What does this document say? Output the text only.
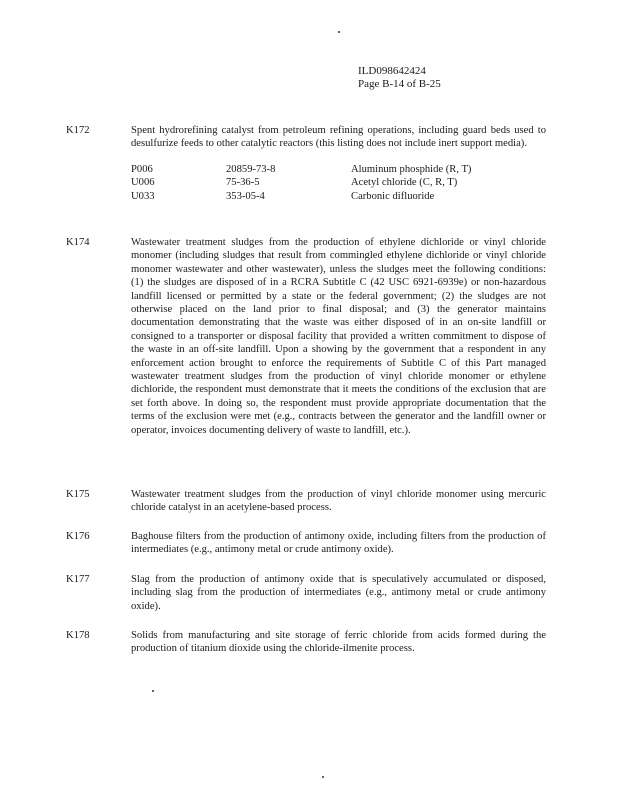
ILD098642424
Page B-14 of B-25
K172	Spent hydrorefining catalyst from petroleum refining operations, including guard beds used to desulfurize feeds to other catalytic reactors (this listing does not include inert support media).
P006	20859-73-8	Aluminum phosphide (R, T)
U006	75-36-5	Acetyl chloride (C, R, T)
U033	353-05-4	Carbonic difluoride
K174	Wastewater treatment sludges from the production of ethylene dichloride or vinyl chloride monomer (including sludges that result from commingled ethylene dichloride or vinyl chloride monomer wastewater and other wastewater), unless the sludges meet the following conditions: (1) the sludges are disposed of in a RCRA Subtitle C (42 USC 6921-6939e) or non-hazardous landfill licensed or permitted by a state or the federal government; (2) the sludges are not otherwise placed on the land prior to final disposal; and (3) the generator maintains documentation demonstrating that the waste was either disposed of in an on-site landfill or consigned to a transporter or disposal facility that provided a written commitment to dispose of the waste in an off-site landfill. Upon a showing by the government that a respondent in any enforcement action brought to enforce the requirements of Subtitle C of this Part managed wastewater treatment sludges from the production of vinyl chloride monomer or ethylene dichloride, the respondent must demonstrate that it meets the conditions of the exclusion that are set forth above. In doing so, the respondent must provide appropriate documentation that the terms of the exclusion were met (e.g., contracts between the generator and the landfill owner or operator, invoices documenting delivery of waste to landfill, etc.).
K175	Wastewater treatment sludges from the production of vinyl chloride monomer using mercuric chloride catalyst in an acetylene-based process.
K176	Baghouse filters from the production of antimony oxide, including filters from the production of intermediates (e.g., antimony metal or crude antimony oxide).
K177	Slag from the production of antimony oxide that is speculatively accumulated or disposed, including slag from the production of intermediates (e.g., antimony metal or crude antimony oxide).
K178	Solids from manufacturing and site storage of ferric chloride from acids formed during the production of titanium dioxide using the chloride-ilmenite process.
